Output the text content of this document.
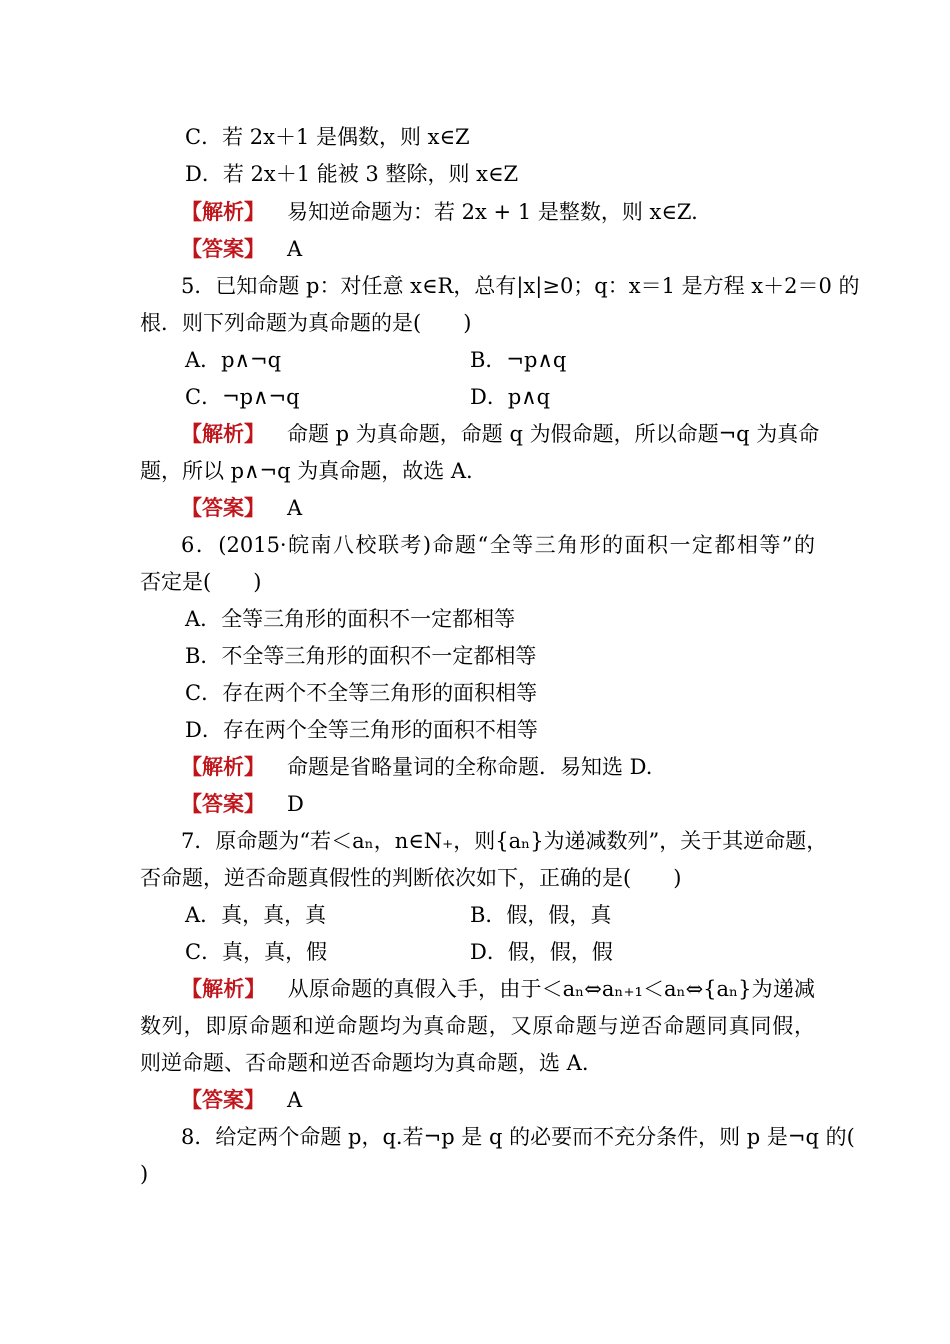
C．若 2x＋1 是偶数，则 x∈Z
D．若 2x＋1 能被 3 整除，则 x∈Z
【解析】 易知逆命题为：若 2x + 1 是整数，则 x∈Z.
【答案】 A
5．已知命题 p：对任意 x∈R，总有|x|≥0；q：x＝1 是方程 x＋2＝0 的
根．则下列命题为真命题的是(　　)
A．p∧¬q	B．¬p∧q
C．¬p∧¬q	D．p∧q
【解析】 命题 p 为真命题，命题 q 为假命题，所以命题¬q 为真命
题，所以 p∧¬q 为真命题，故选 A.
【答案】 A
6．(2015·皖南八校联考)命题“全等三角形的面积一定都相等”的
否定是(　　)
A．全等三角形的面积不一定都相等
B．不全等三角形的面积不一定都相等
C．存在两个不全等三角形的面积相等
D．存在两个全等三角形的面积不相等
【解析】 命题是省略量词的全称命题．易知选 D.
【答案】 D
7．原命题为“若＜aₙ，n∈N₊，则{aₙ}为递减数列”，关于其逆命题，
否命题，逆否命题真假性的判断依次如下，正确的是(　　)
A．真，真，真	B．假，假，真
C．真，真，假	D．假，假，假
【解析】 从原命题的真假入手，由于＜aₙ⇔aₙ₊₁＜aₙ⇔{aₙ}为递减
数列，即原命题和逆命题均为真命题，又原命题与逆否命题同真同假，
则逆命题、否命题和逆否命题均为真命题，选 A.
【答案】 A
8．给定两个命题 p，q.若¬p 是 q 的必要而不充分条件，则 p 是¬q 的(
)
